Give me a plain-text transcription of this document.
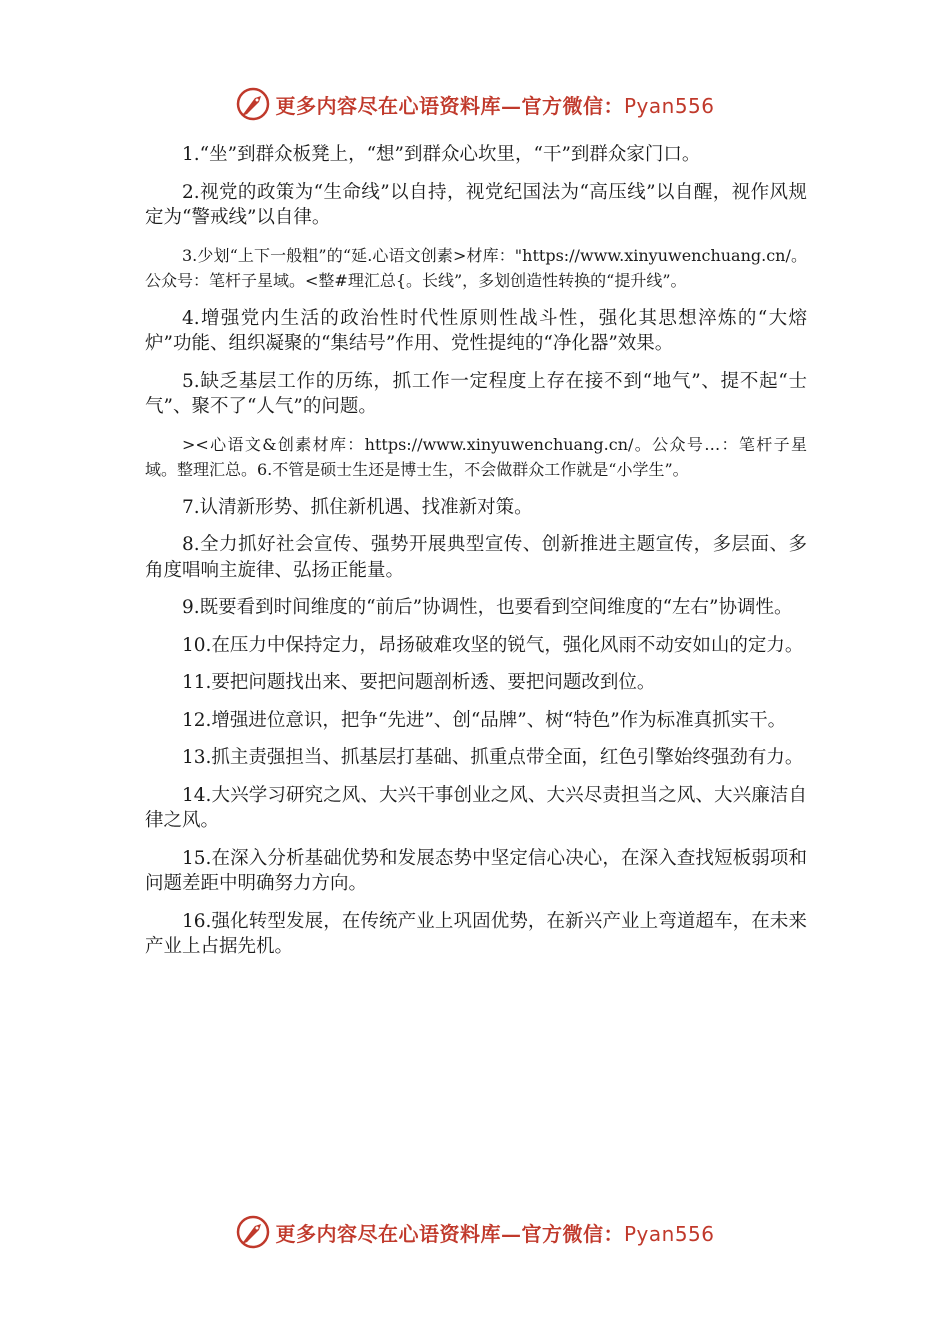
更多内容尽在心语资料库—官方微信：Pyan556

1.“坐”到群众板凳上，“想”到群众心坎里，“干”到群众家门口。

2.视党的政策为“生命线”以自持，视党纪国法为“高压线”以自醒，视作风规定为“警戒线”以自律。

3.少划“上下一般粗”的“延.心语文创素>材库："https://www.xinyuwenchuang.cn/。公众号：笔杆子星域。<整#理汇总{。长线”，多划创造性转换的“提升线”。

4.增强党内生活的政治性时代性原则性战斗性，强化其思想淬炼的“大熔炉”功能、组织凝聚的“集结号”作用、党性提纯的“净化器”效果。

5.缺乏基层工作的历练，抓工作一定程度上存在接不到“地气”、提不起“士气”、聚不了“人气”的问题。

><心语文&创素材库：https://www.xinyuwenchuang.cn/。公众号…：笔杆子星域。整理汇总。6.不管是硕士生还是博士生，不会做群众工作就是“小学生”。

7.认清新形势、抓住新机遇、找准新对策。

8.全力抓好社会宣传、强势开展典型宣传、创新推进主题宣传，多层面、多角度唱响主旋律、弘扬正能量。

9.既要看到时间维度的“前后”协调性，也要看到空间维度的“左右”协调性。

10.在压力中保持定力，昂扬破难攻坚的锐气，强化风雨不动安如山的定力。

11.要把问题找出来、要把问题剖析透、要把问题改到位。

12.增强进位意识，把争“先进”、创“品牌”、树“特色”作为标准真抓实干。

13.抓主责强担当、抓基层打基础、抓重点带全面，红色引擎始终强劲有力。

14.大兴学习研究之风、大兴干事创业之风、大兴尽责担当之风、大兴廉洁自律之风。

15.在深入分析基础优势和发展态势中坚定信心决心，在深入查找短板弱项和问题差距中明确努力方向。

16.强化转型发展，在传统产业上巩固优势，在新兴产业上弯道超车，在未来产业上占据先机。

更多内容尽在心语资料库—官方微信：Pyan556
